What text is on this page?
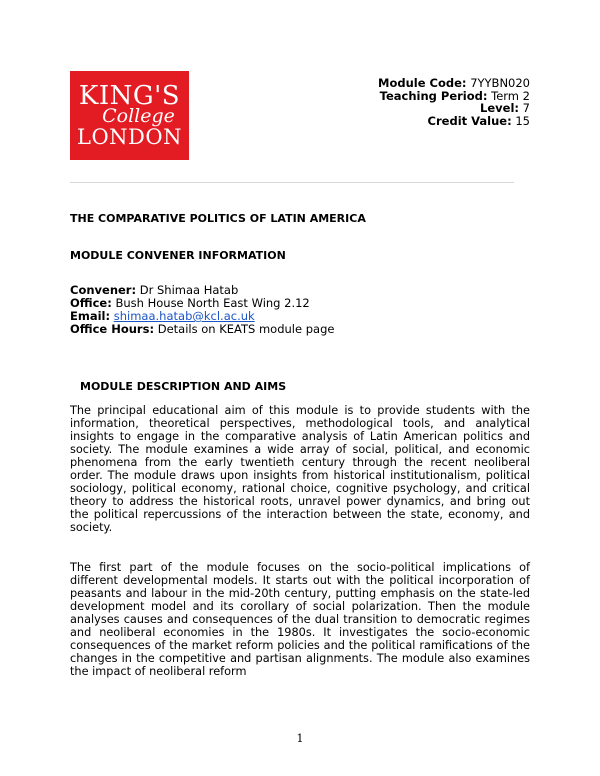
KING'S
College
LONDON
Module Code: 7YYBN020
Teaching Period: Term 2
Level: 7
Credit Value: 15
THE COMPARATIVE POLITICS OF LATIN AMERICA
MODULE CONVENER INFORMATION
Convener: Dr Shimaa Hatab
Office: Bush House North East Wing 2.12
Email: shimaa.hatab@kcl.ac.uk
Office Hours: Details on KEATS module page
MODULE DESCRIPTION AND AIMS

The principal educational aim of this module is to provide students with the information, theoretical perspectives, methodological tools, and analytical insights to engage in the comparative analysis of Latin American politics and society. The module examines a wide array of social, political, and economic phenomena from the early twentieth century through the recent neoliberal order. The module draws upon insights from historical institutionalism, political sociology, political economy, rational choice, cognitive psychology, and critical theory to address the historical roots, unravel power dynamics, and bring out the political repercussions of the interaction between the state, economy, and society.

The first part of the module focuses on the socio-political implications of different developmental models. It starts out with the political incorporation of peasants and labour in the mid-20th century, putting emphasis on the state-led development model and its corollary of social polarization. Then the module analyses causes and consequences of the dual transition to democratic regimes and neoliberal economies in the 1980s. It investigates the socio-economic consequences of the market reform policies and the political ramifications of the changes in the competitive and partisan alignments. The module also examines the impact of neoliberal reform

1
